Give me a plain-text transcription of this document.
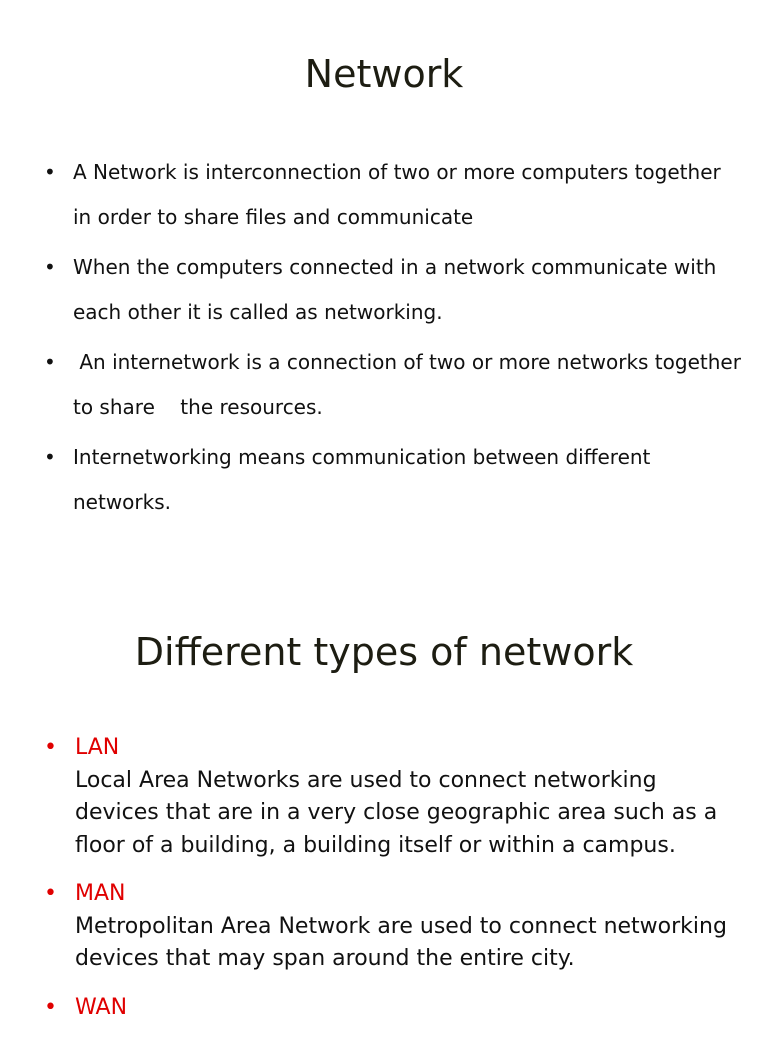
Network
• A Network is interconnection of two or more computers together in order to share files and communicate
• When the computers connected in a network communicate with each other it is called as networking.
• An internetwork is a connection of two or more networks together to share    the resources.
• Internetworking means communication between different networks.
Different types of network
• LAN
Local Area Networks are used to connect networking devices that are in a very close geographic area such as a floor of a building, a building itself or within a campus.
• MAN
Metropolitan Area Network are used to connect networking devices that may span around the entire city.
• WAN
